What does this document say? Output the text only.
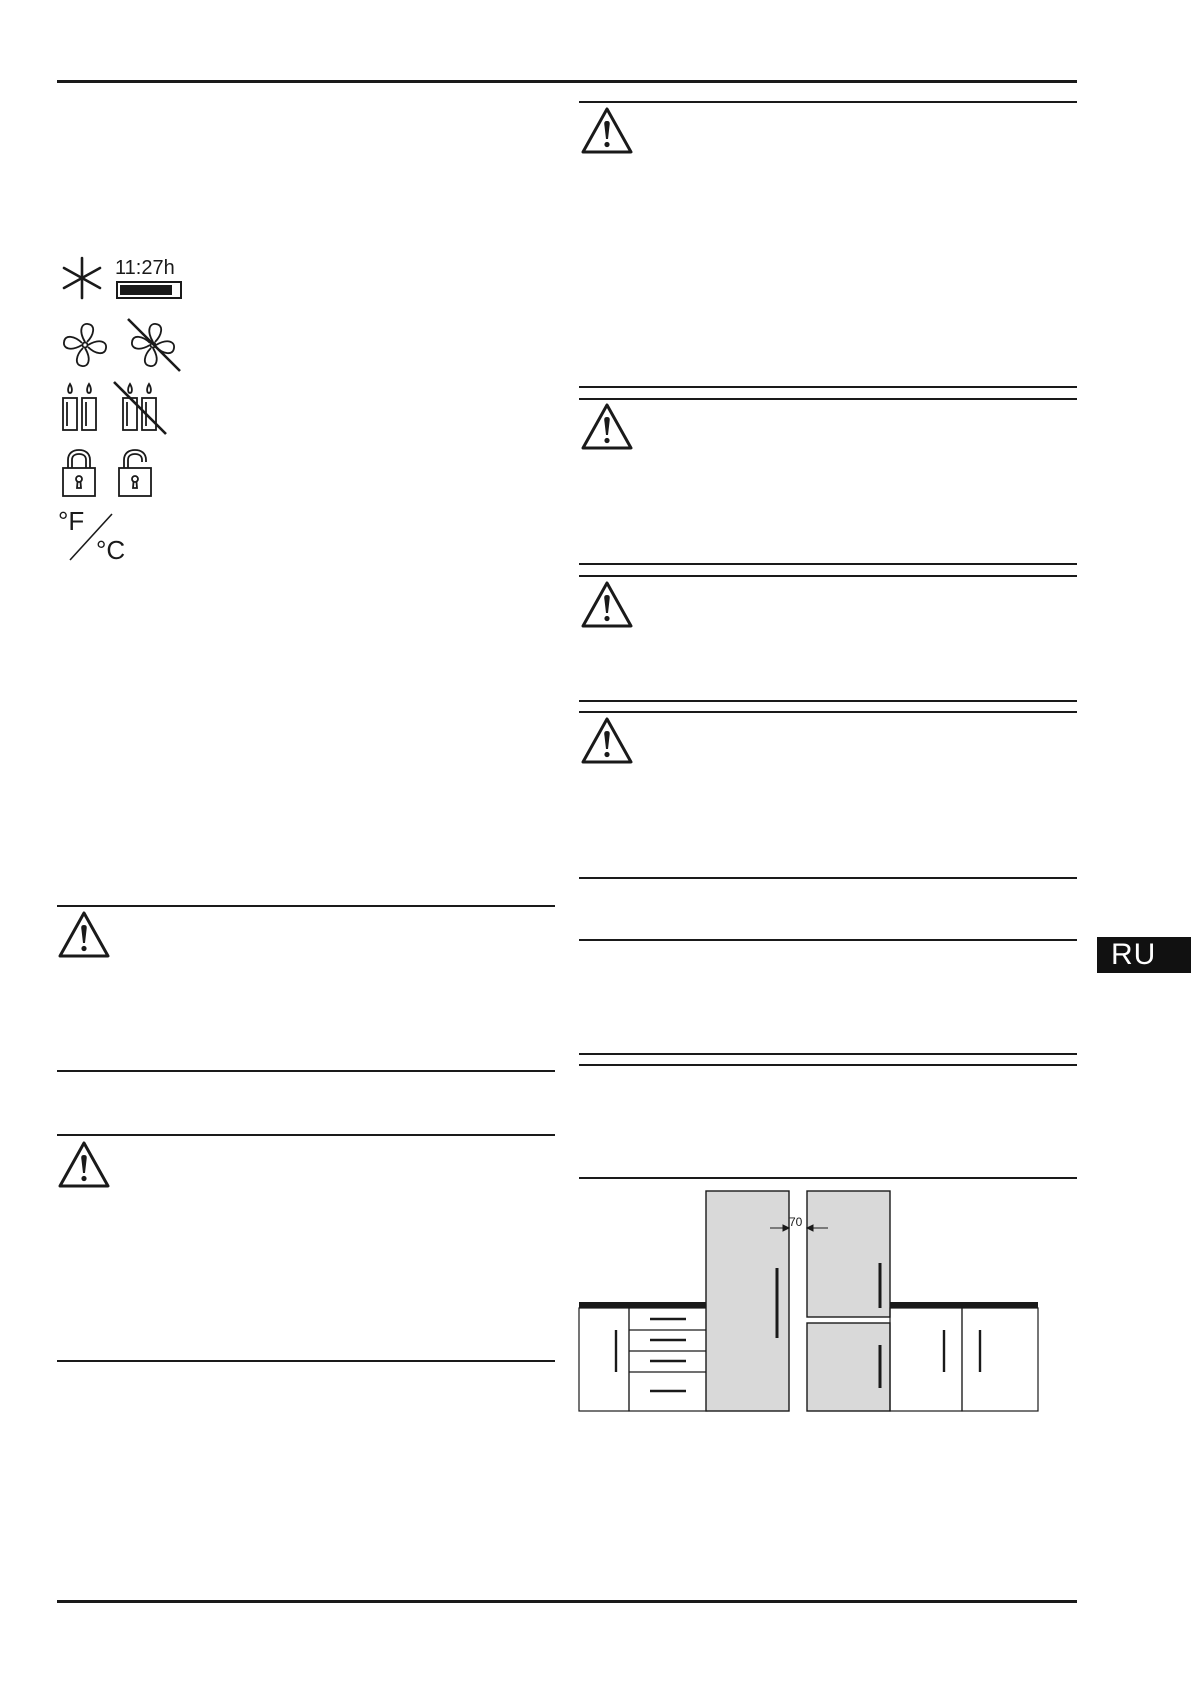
11:27h
°F
°C
70
RU
